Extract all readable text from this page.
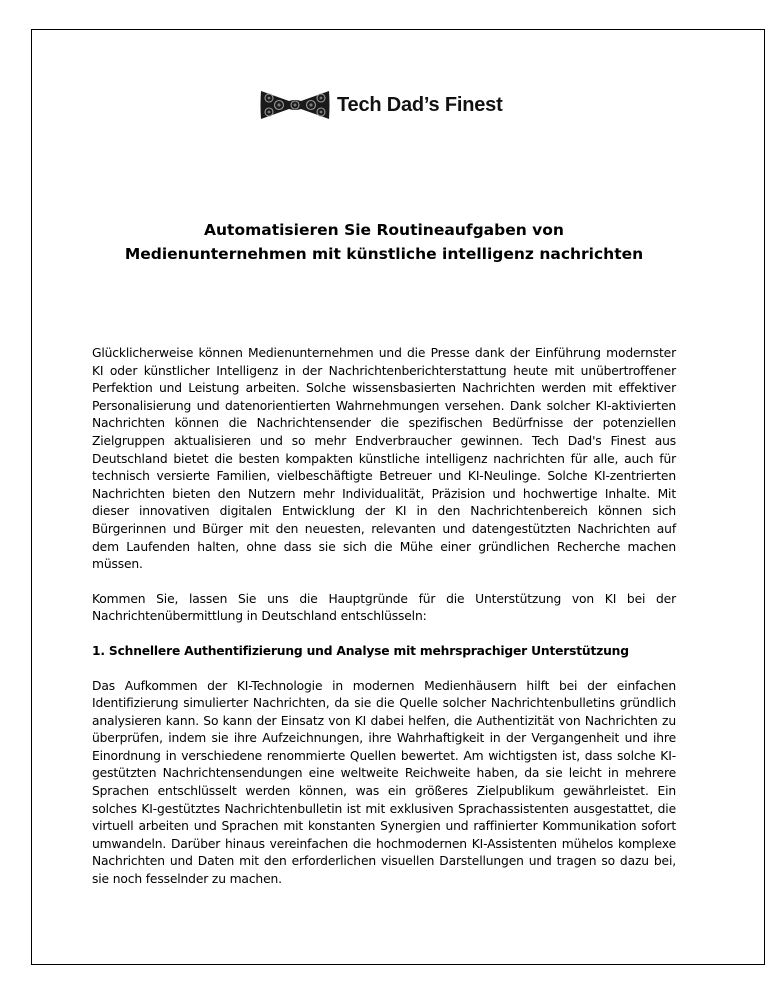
Tech Dad’s Finest
Automatisieren Sie Routineaufgaben von
Medienunternehmen mit künstliche intelligenz nachrichten

Glücklicherweise können Medienunternehmen und die Presse dank der Einführung modernster KI oder künstlicher Intelligenz in der Nachrichtenberichterstattung heute mit unübertroffener Perfektion und Leistung arbeiten. Solche wissensbasierten Nachrichten werden mit effektiver Personalisierung und datenorientierten Wahrnehmungen versehen. Dank solcher KI-aktivierten Nachrichten können die Nachrichtensender die spezifischen Bedürfnisse der potenziellen Zielgruppen aktualisieren und so mehr Endverbraucher gewinnen. Tech Dad's Finest aus Deutschland bietet die besten kompakten künstliche intelligenz nachrichten für alle, auch für technisch versierte Familien, vielbeschäftigte Betreuer und KI-Neulinge. Solche KI-zentrierten Nachrichten bieten den Nutzern mehr Individualität, Präzision und hochwertige Inhalte. Mit dieser innovativen digitalen Entwicklung der KI in den Nachrichtenbereich können sich Bürgerinnen und Bürger mit den neuesten, relevanten und datengestützten Nachrichten auf dem Laufenden halten, ohne dass sie sich die Mühe einer gründlichen Recherche machen müssen.

Kommen Sie, lassen Sie uns die Hauptgründe für die Unterstützung von KI bei der Nachrichtenübermittlung in Deutschland entschlüsseln:

1. Schnellere Authentifizierung und Analyse mit mehrsprachiger Unterstützung

Das Aufkommen der KI-Technologie in modernen Medienhäusern hilft bei der einfachen Identifizierung simulierter Nachrichten, da sie die Quelle solcher Nachrichtenbulletins gründlich analysieren kann. So kann der Einsatz von KI dabei helfen, die Authentizität von Nachrichten zu überprüfen, indem sie ihre Aufzeichnungen, ihre Wahrhaftigkeit in der Vergangenheit und ihre Einordnung in verschiedene renommierte Quellen bewertet. Am wichtigsten ist, dass solche KI-gestützten Nachrichtensendungen eine weltweite Reichweite haben, da sie leicht in mehrere Sprachen entschlüsselt werden können, was ein größeres Zielpublikum gewährleistet. Ein solches KI-gestütztes Nachrichtenbulletin ist mit exklusiven Sprachassistenten ausgestattet, die virtuell arbeiten und Sprachen mit konstanten Synergien und raffinierter Kommunikation sofort umwandeln. Darüber hinaus vereinfachen die hochmodernen KI-Assistenten mühelos komplexe Nachrichten und Daten mit den erforderlichen visuellen Darstellungen und tragen so dazu bei, sie noch fesselnder zu machen.
